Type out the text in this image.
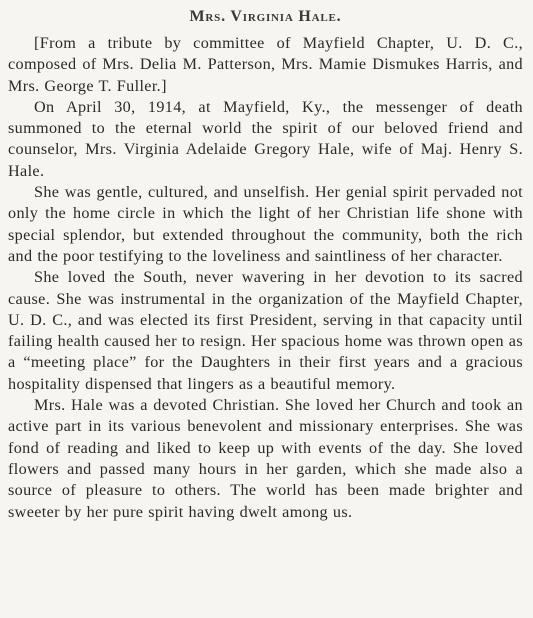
Mrs. Virginia Hale.

[From a tribute by committee of Mayfield Chapter, U. D. C., composed of Mrs. Delia M. Patterson, Mrs. Mamie Dismukes Harris, and Mrs. George T. Fuller.]

On April 30, 1914, at Mayfield, Ky., the messenger of death summoned to the eternal world the spirit of our beloved friend and counselor, Mrs. Virginia Adelaide Gregory Hale, wife of Maj. Henry S. Hale.

She was gentle, cultured, and unselfish. Her genial spirit pervaded not only the home circle in which the light of her Christian life shone with special splendor, but extended throughout the community, both the rich and the poor testifying to the loveliness and saintliness of her character.

She loved the South, never wavering in her devotion to its sacred cause. She was instrumental in the organization of the Mayfield Chapter, U. D. C., and was elected its first President, serving in that capacity until failing health caused her to resign. Her spacious home was thrown open as a “meeting place” for the Daughters in their first years and a gracious hospitality dispensed that lingers as a beautiful memory.

Mrs. Hale was a devoted Christian. She loved her Church and took an active part in its various benevolent and missionary enterprises. She was fond of reading and liked to keep up with events of the day. She loved flowers and passed many hours in her garden, which she made also a source of pleasure to others. The world has been made brighter and sweeter by her pure spirit having dwelt among us.
